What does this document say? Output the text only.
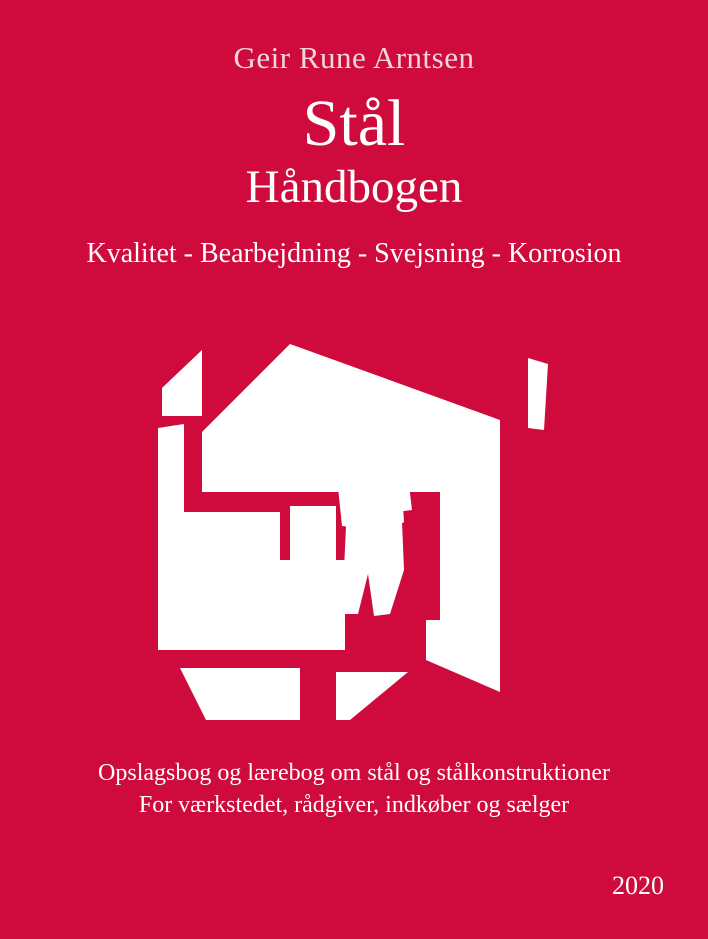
Geir Rune Arntsen
Stål
Håndbogen
Kvalitet - Bearbejdning - Svejsning - Korrosion
Opslagsbog og lærebog om stål og stålkonstruktioner
For værkstedet, rådgiver, indkøber og sælger
2020
